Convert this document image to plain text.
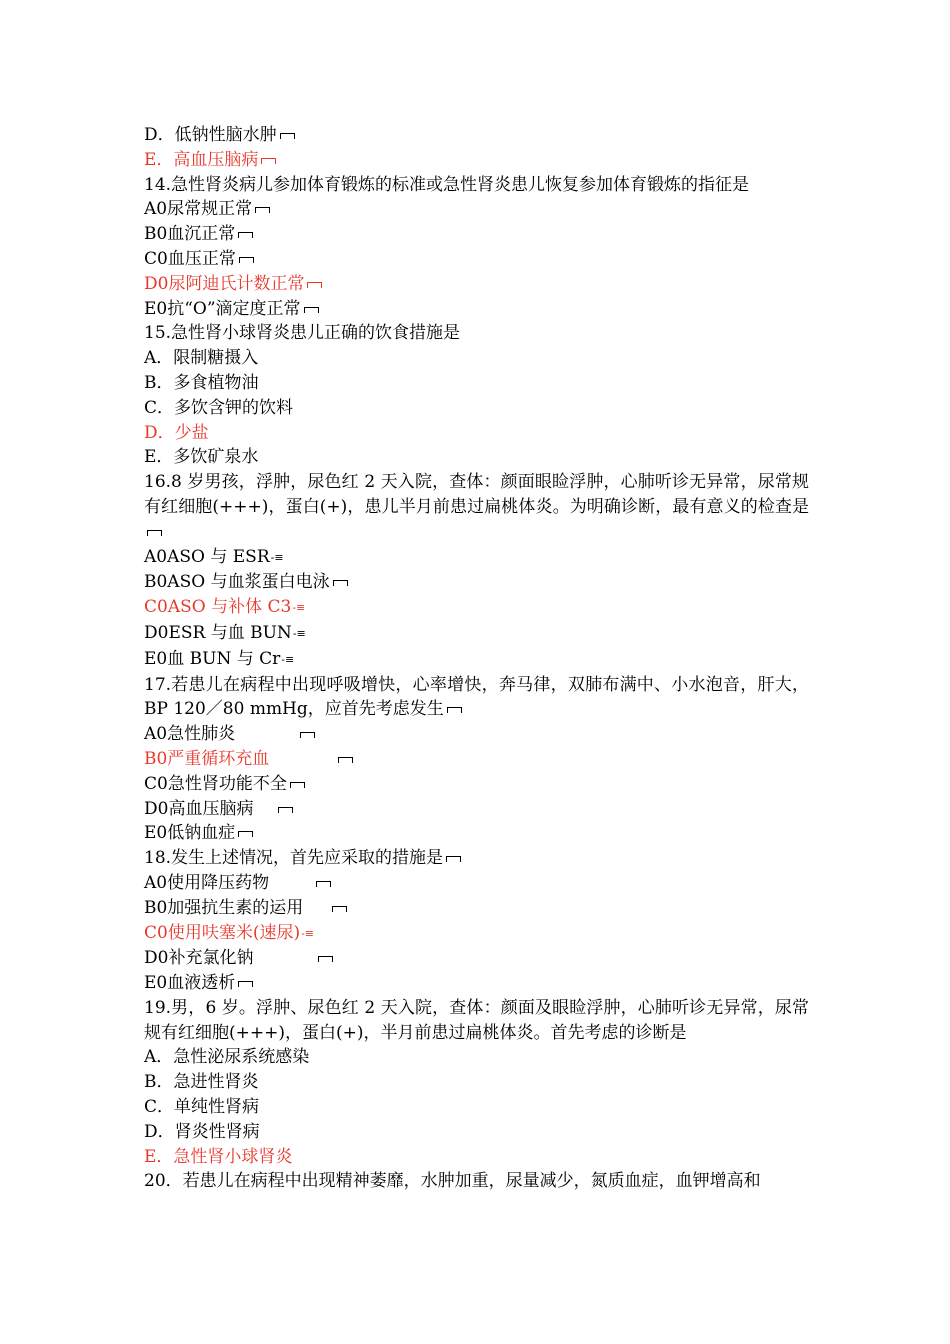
D．低钠性脑水肿
E．高血压脑病
14.急性肾炎病儿参加体育锻炼的标准或急性肾炎患儿恢复参加体育锻炼的指征是
A0尿常规正常
B0血沉正常
C0血压正常
D0尿阿迪氏计数正常
E0抗“O”滴定度正常
15.急性肾小球肾炎患儿正确的饮食措施是
A．限制糖摄入
B．多食植物油
C．多饮含钾的饮料
D．少盐
E．多饮矿泉水
16.8 岁男孩，浮肿，尿色红 2 天入院，查体：颜面眼睑浮肿，心肺听诊无异常，尿常规有红细胞(+++)，蛋白(+)，患儿半月前患过扁桃体炎。为明确诊断，最有意义的检查是
A0ASO 与 ESR-≡
B0ASO 与血浆蛋白电泳
C0ASO 与补体 C3-≡
D0ESR 与血 BUN-≡
E0血 BUN 与 Cr-≡
17.若患儿在病程中出现呼吸增快，心率增快，奔马律，双肺布满中、小水泡音，肝大，BP 120／80 mmHg，应首先考虑发生
A0急性肺炎
B0严重循环充血
C0急性肾功能不全
D0高血压脑病
E0低钠血症
18.发生上述情况，首先应采取的措施是
A0使用降压药物
B0加强抗生素的运用
C0使用呋塞米(速尿)-≡
D0补充氯化钠
E0血液透析
19.男，6 岁。浮肿、尿色红 2 天入院，查体：颜面及眼睑浮肿，心肺听诊无异常，尿常规有红细胞(+++)，蛋白(+)，半月前患过扁桃体炎。首先考虑的诊断是
A．急性泌尿系统感染
B．急进性肾炎
C．单纯性肾病
D．肾炎性肾病
E．急性肾小球肾炎
20．若患儿在病程中出现精神萎靡，水肿加重，尿量减少，氮质血症，血钾增高和
